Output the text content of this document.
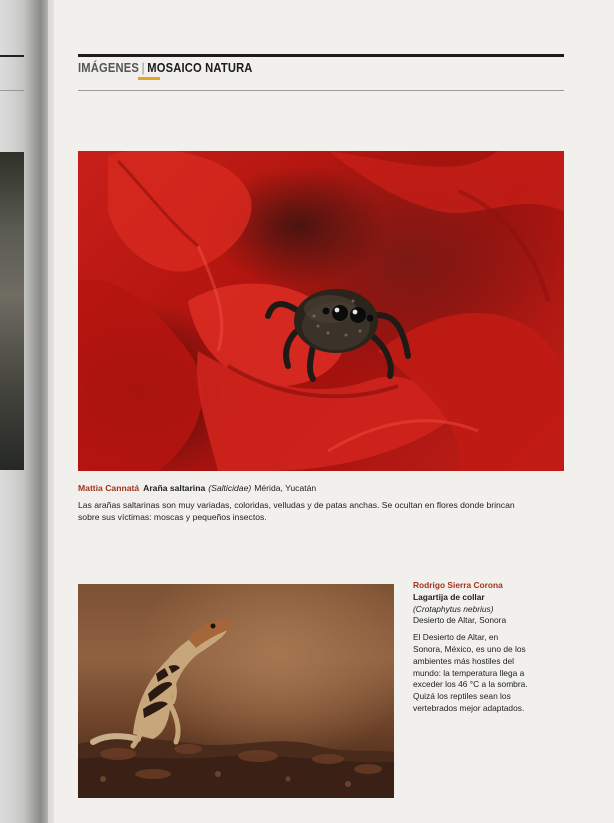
IMÁGENES | MOSAICO NATURA
Mattia Cannatá Araña saltarina (Salticidae) Mérida, Yucatán
Las arañas saltarinas son muy variadas, coloridas, velludas y de patas anchas. Se ocultan en flores donde brincan sobre sus víctimas: moscas y pequeños insectos.
Rodrigo Sierra Corona
Lagartija de collar
(Crotaphytus nebrius)
Desierto de Altar, Sonora
El Desierto de Altar, en Sonora, México, es uno de los ambientes más hostiles del mundo: la temperatura llega a exceder los 46 °C a la sombra. Quizá los reptiles sean los vertebrados mejor adaptados.
